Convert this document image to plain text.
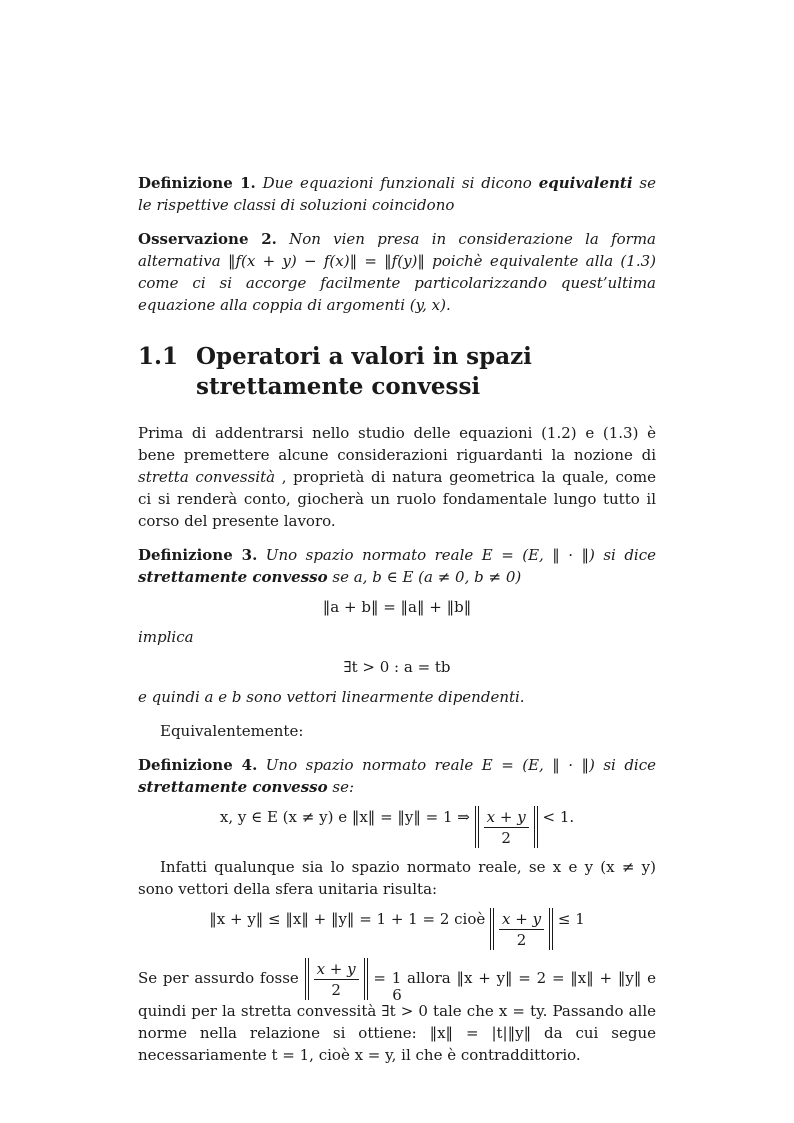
Definizione 1. Due equazioni funzionali si dicono equivalenti se le rispettive classi di soluzioni coincidono

Osservazione 2. Non vien presa in considerazione la forma alternativa ‖f(x + y) − f(x)‖ = ‖f(y)‖ poichè equivalente alla (1.3) come ci si accorge facilmente particolarizzando quest’ultima equazione alla coppia di argomenti (y, x).

1.1 Operatori a valori in spazi strettamente convessi

Prima di addentrarsi nello studio delle equazioni (1.2) e (1.3) è bene premettere alcune considerazioni riguardanti la nozione di stretta convessità , proprietà di natura geometrica la quale, come ci si renderà conto, giocherà un ruolo fondamentale lungo tutto il corso del presente lavoro.

Definizione 3. Uno spazio normato reale E = (E, ‖ · ‖) si dice strettamente convesso se a, b ∈ E (a ≠ 0, b ≠ 0)

‖a + b‖ = ‖a‖ + ‖b‖

implica

∃t > 0 : a = tb

e quindi a e b sono vettori linearmente dipendenti.

Equivalentemente:

Definizione 4. Uno spazio normato reale E = (E, ‖ · ‖) si dice strettamente convesso se:

x, y ∈ E (x ≠ y) e ‖x‖ = ‖y‖ = 1 ⇒ $\frac{x + y}{2} < 1$.

Infatti qualunque sia lo spazio normato reale, se x e y (x ≠ y) sono vettori della sfera unitaria risulta:

‖x + y‖ ≤ ‖x‖ + ‖y‖ = 1 + 1 = 2 cioè $\frac{x + y}{2} \le 1$

Se per assurdo fosse $\frac{x + y}{2} = 1$ allora ‖x + y‖ = 2 = ‖x‖ + ‖y‖ e quindi per la stretta convessità ∃t > 0 tale che x = ty. Passando alle norme nella relazione si ottiene: ‖x‖ = |t|‖y‖ da cui segue necessariamente t = 1, cioè x = y, il che è contraddittorio.

6
